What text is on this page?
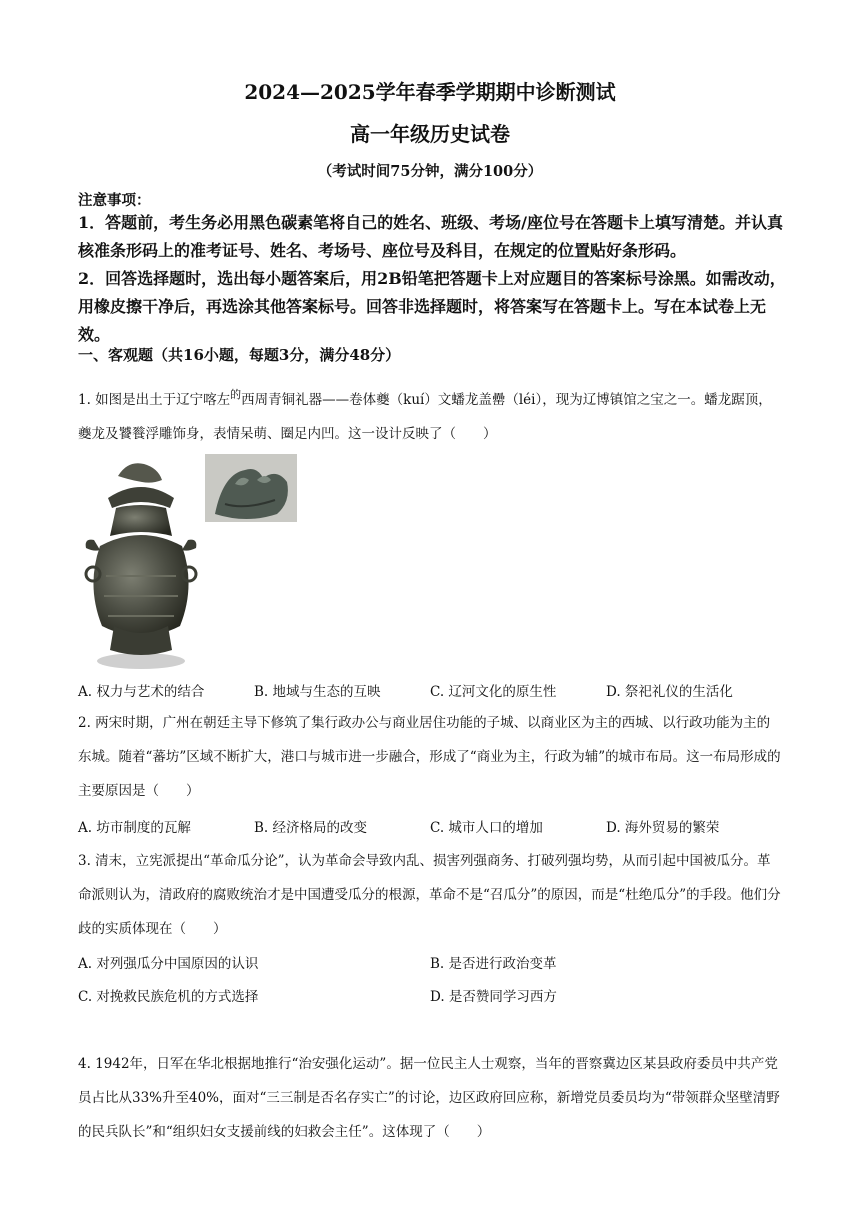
2024—2025学年春季学期期中诊断测试
高一年级历史试卷
（考试时间75分钟，满分100分）
注意事项：
1．答题前，考生务必用黑色碳素笔将自己的姓名、班级、考场/座位号在答题卡上填写清楚。并认真核准条形码上的准考证号、姓名、考场号、座位号及科目，在规定的位置贴好条形码。
2．回答选择题时，选出每小题答案后，用2B铅笔把答题卡上对应题目的答案标号涂黑。如需改动，用橡皮擦干净后，再选涂其他答案标号。回答非选择题时，将答案写在答题卡上。写在本试卷上无效。
一、客观题（共16小题，每题3分，满分48分）
1. 如图是出土于辽宁喀左$^的$西周青铜礼器——卷体夔（kuí）文蟠龙盖罍（léi），现为辽博镇馆之宝之一。蟠龙踞顶，夔龙及饕餮浮雕饰身，表情呆萌、圈足内凹。这一设计反映了（　　）
A. 权力与艺术的结合	B. 地域与生态的互映	C. 辽河文化的原生性	D. 祭祀礼仪的生活化
2. 两宋时期，广州在朝廷主导下修筑了集行政办公与商业居住功能的子城、以商业区为主的西城、以行政功能为主的东城。随着“蕃坊”区域不断扩大，港口与城市进一步融合，形成了“商业为主，行政为辅”的城市布局。这一布局形成的主要原因是（　　）
A. 坊市制度的瓦解	B. 经济格局的改变	C. 城市人口的增加	D. 海外贸易的繁荣
3. 清末，立宪派提出“革命瓜分论”，认为革命会导致内乱、损害列强商务、打破列强均势，从而引起中国被瓜分。革命派则认为，清政府的腐败统治才是中国遭受瓜分的根源，革命不是“召瓜分”的原因，而是“杜绝瓜分”的手段。他们分歧的实质体现在（　　）
A. 对列强瓜分中国原因的认识	B. 是否进行政治变革
C. 对挽救民族危机的方式选择	D. 是否赞同学习西方
4. 1942年，日军在华北根据地推行“治安强化运动”。据一位民主人士观察，当年的晋察冀边区某县政府委员中共产党员占比从33%升至40%，面对“三三制是否名存实亡”的讨论，边区政府回应称，新增党员委员均为“带领群众坚壁清野的民兵队长”和“组织妇女支援前线的妇救会主任”。这体现了（　　）
